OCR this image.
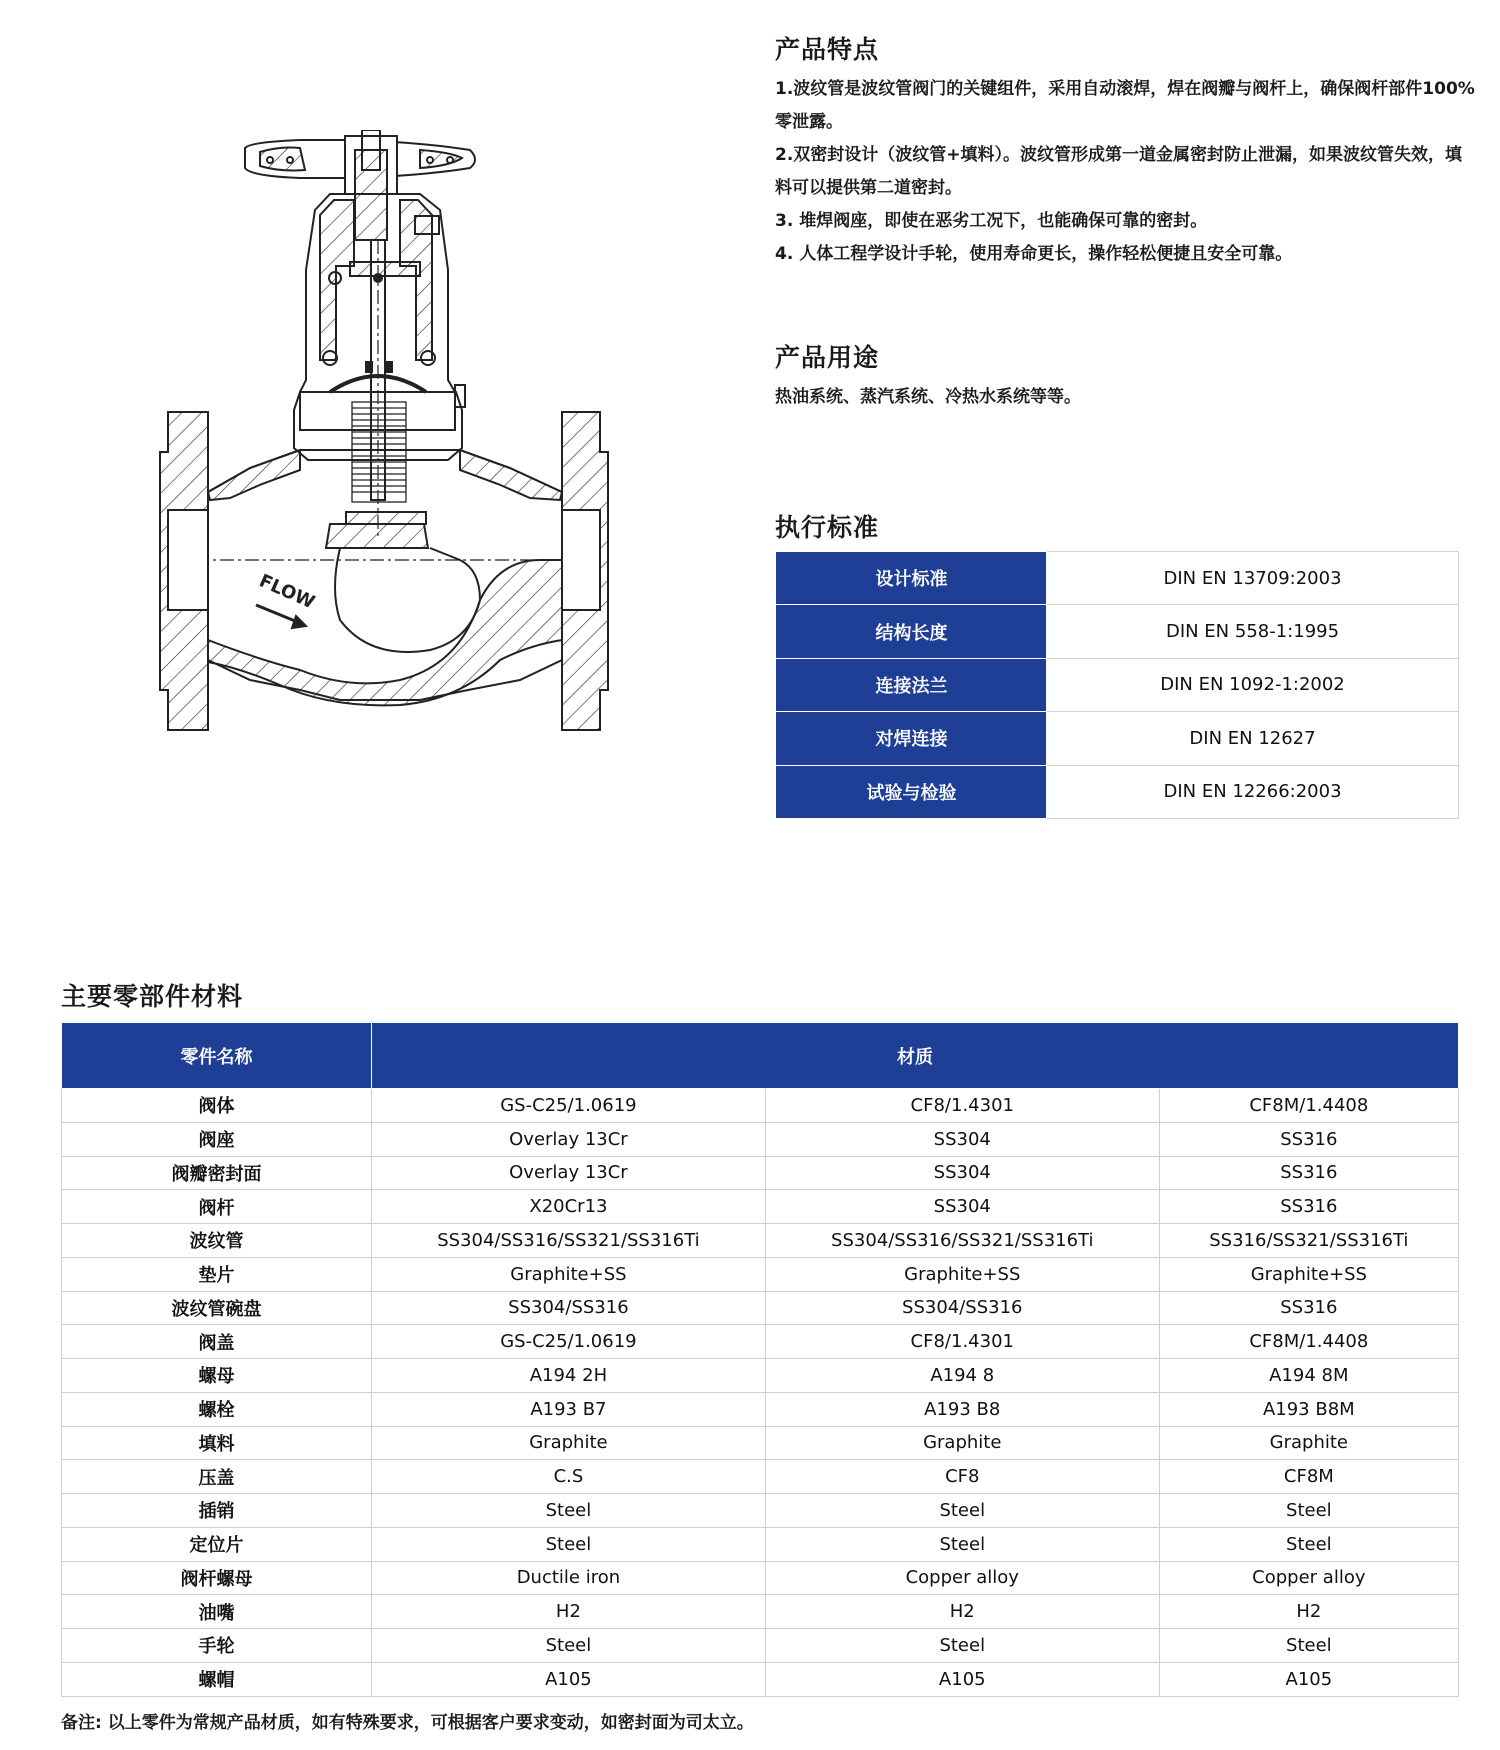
FLOW
产品特点

1.波纹管是波纹管阀门的关键组件，采用自动滚焊，焊在阀瓣与阀杆上，确保阀杆部件100%零泄露。

2.双密封设计（波纹管+填料）。波纹管形成第一道金属密封防止泄漏，如果波纹管失效，填料可以提供第二道密封。

3. 堆焊阀座，即使在恶劣工况下，也能确保可靠的密封。

4. 人体工程学设计手轮，使用寿命更长，操作轻松便捷且安全可靠。

产品用途
热油系统、蒸汽系统、冷热水系统等等。
执行标准
设计标准	DIN EN 13709:2003
结构长度	DIN EN 558-1:1995
连接法兰	DIN EN 1092-1:2002
对焊连接	DIN EN 12627
试验与检验	DIN EN 12266:2003
主要零部件材料
零件名称	材质		
阀体	GS-C25/1.0619	CF8/1.4301	CF8M/1.4408
阀座	Overlay 13Cr	SS304	SS316
阀瓣密封面	Overlay 13Cr	SS304	SS316
阀杆	X20Cr13	SS304	SS316
波纹管	SS304/SS316/SS321/SS316Ti	SS304/SS316/SS321/SS316Ti	SS316/SS321/SS316Ti
垫片	Graphite+SS	Graphite+SS	Graphite+SS
波纹管碗盘	SS304/SS316	SS304/SS316	SS316
阀盖	GS-C25/1.0619	CF8/1.4301	CF8M/1.4408
螺母	A194 2H	A194 8	A194 8M
螺栓	A193 B7	A193 B8	A193 B8M
填料	Graphite	Graphite	Graphite
压盖	C.S	CF8	CF8M
插销	Steel	Steel	Steel
定位片	Steel	Steel	Steel
阀杆螺母	Ductile iron	Copper alloy	Copper alloy
油嘴	H2	H2	H2
手轮	Steel	Steel	Steel
螺帽	A105	A105	A105
备注: 以上零件为常规产品材质，如有特殊要求，可根据客户要求变动，如密封面为司太立。
